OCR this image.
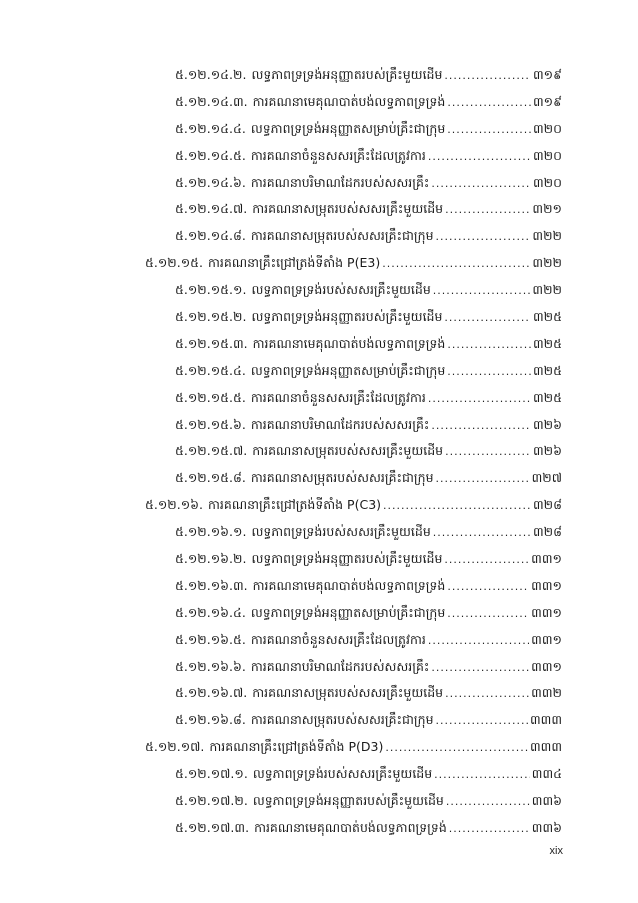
៥.១២.១៤.២. លទ្ធភាពទ្រទ្រង់អនុញ្ញាតរបស់គ្រឹះមួយដើម .....	៣១៩
៥.១២.១៤.៣. ការគណនាមេគុណបាត់បង់លទ្ធភាពទ្រទ្រង់ .....	៣១៩
៥.១២.១៤.៤. លទ្ធភាពទ្រទ្រង់អនុញ្ញាតសម្រាប់គ្រឹះជាក្រុម .....	៣២០
៥.១២.១៤.៥. ការគណនាចំនួនសសរគ្រឹះដែលត្រូវការ .....	៣២០
៥.១២.១៤.៦. ការគណនាបរិមាណដែករបស់សសរគ្រឹះ .....	៣២០
៥.១២.១៤.៧. ការគណនាសម្រុតរបស់សសរគ្រឹះមួយដើម .....	៣២១
៥.១២.១៤.៨. ការគណនាសម្រុតរបស់សសរគ្រឹះជាក្រុម .....	៣២២
៥.១២.១៥. ការគណនាគ្រឹះជ្រៅត្រង់ទីតាំង P(E3) .....	៣២២
៥.១២.១៥.១. លទ្ធភាពទ្រទ្រង់របស់សសរគ្រឹះមួយដើម .....	៣២២
៥.១២.១៥.២. លទ្ធភាពទ្រទ្រង់អនុញ្ញាតរបស់គ្រឹះមួយដើម .....	៣២៥
៥.១២.១៥.៣. ការគណនាមេគុណបាត់បង់លទ្ធភាពទ្រទ្រង់ .....	៣២៥
៥.១២.១៥.៤. លទ្ធភាពទ្រទ្រង់អនុញ្ញាតសម្រាប់គ្រឹះជាក្រុម .....	៣២៥
៥.១២.១៥.៥. ការគណនាចំនួនសសរគ្រឹះដែលត្រូវការ .....	៣២៥
៥.១២.១៥.៦. ការគណនាបរិមាណដែករបស់សសរគ្រឹះ .....	៣២៦
៥.១២.១៥.៧. ការគណនាសម្រុតរបស់សសរគ្រឹះមួយដើម .....	៣២៦
៥.១២.១៥.៨. ការគណនាសម្រុតរបស់សសរគ្រឹះជាក្រុម .....	៣២៧
៥.១២.១៦. ការគណនាគ្រឹះជ្រៅត្រង់ទីតាំង P(C3) .....	៣២៨
៥.១២.១៦.១. លទ្ធភាពទ្រទ្រង់របស់សសរគ្រឹះមួយដើម .....	៣២៨
៥.១២.១៦.២. លទ្ធភាពទ្រទ្រង់អនុញ្ញាតរបស់គ្រឹះមួយដើម .....	៣៣១
៥.១២.១៦.៣. ការគណនាមេគុណបាត់បង់លទ្ធភាពទ្រទ្រង់ .....	៣៣១
៥.១២.១៦.៤. លទ្ធភាពទ្រទ្រង់អនុញ្ញាតសម្រាប់គ្រឹះជាក្រុម .....	៣៣១
៥.១២.១៦.៥. ការគណនាចំនួនសសរគ្រឹះដែលត្រូវការ .....	៣៣១
៥.១២.១៦.៦. ការគណនាបរិមាណដែករបស់សសរគ្រឹះ .....	៣៣១
៥.១២.១៦.៧. ការគណនាសម្រុតរបស់សសរគ្រឹះមួយដើម .....	៣៣២
៥.១២.១៦.៨. ការគណនាសម្រុតរបស់សសរគ្រឹះជាក្រុម .....	៣៣៣
៥.១២.១៧. ការគណនាគ្រឹះជ្រៅត្រង់ទីតាំង P(D3) .....	៣៣៣
៥.១២.១៧.១. លទ្ធភាពទ្រទ្រង់របស់សសរគ្រឹះមួយដើម .....	៣៣៤
៥.១២.១៧.២. លទ្ធភាពទ្រទ្រង់អនុញ្ញាតរបស់គ្រឹះមួយដើម .....	៣៣៦
៥.១២.១៧.៣. ការគណនាមេគុណបាត់បង់លទ្ធភាពទ្រទ្រង់ .....	៣៣៦
xix
